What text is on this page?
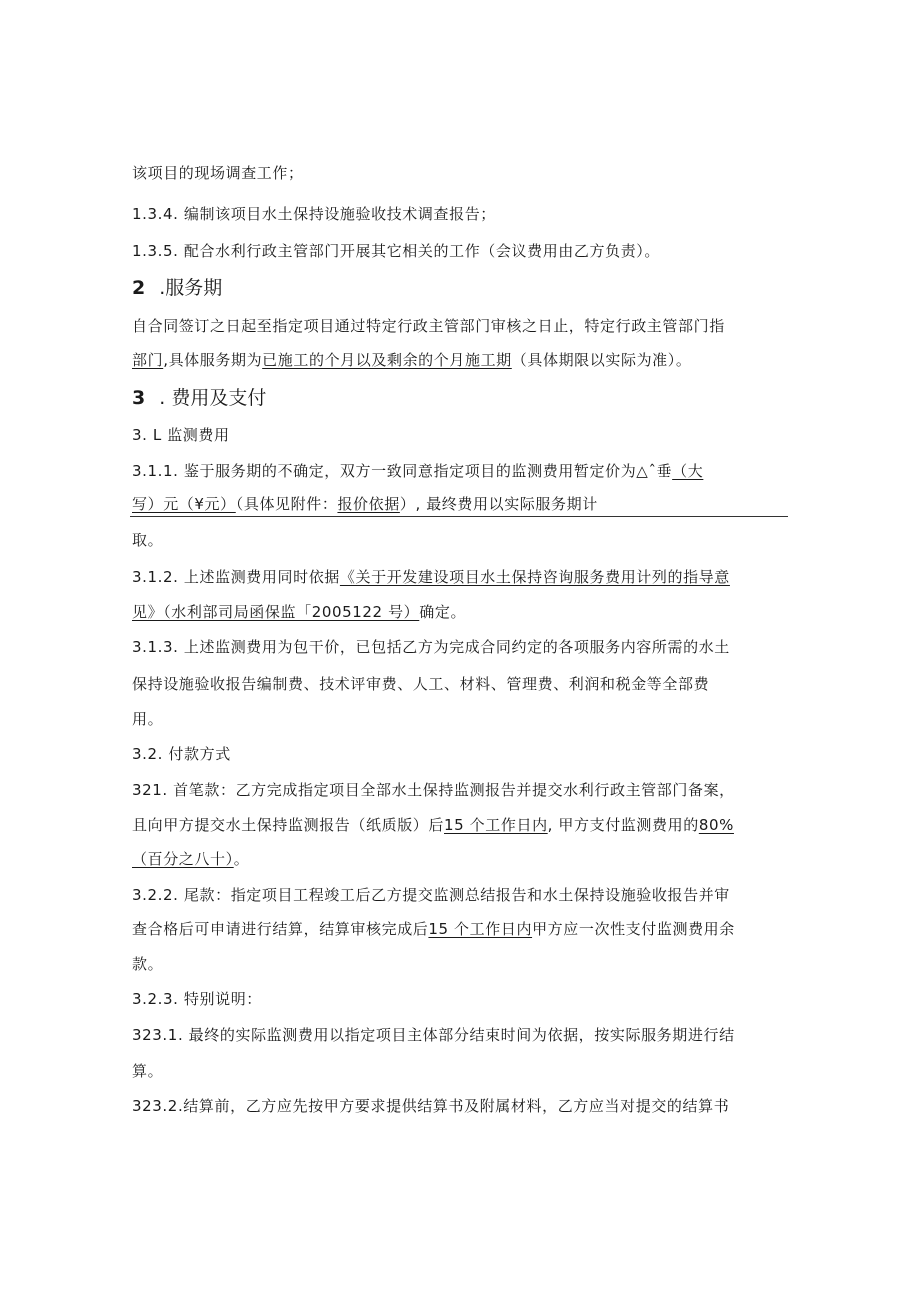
该项目的现场调查工作；
1.3.4. 编制该项目水土保持设施验收技术调查报告；
1.3.5. 配合水利行政主管部门开展其它相关的工作（会议费用由乙方负责）。
2 .服务期
自合同签订之日起至指定项目通过特定行政主管部门审核之日止，特定行政主管部门指
部门,具体服务期为已施工的个月以及剩余的个月施工期（具体期限以实际为准）。
3 . 费用及支付
3. L 监测费用
3.1.1. 鉴于服务期的不确定，双方一致同意指定项目的监测费用暂定价为△ˆ垂（大
写）元（¥元）（具体见附件：报价依据）, 最终费用以实际服务期计
取。
3.1.2. 上述监测费用同时依据《关于开发建设项目水土保持咨询服务费用计列的指导意
见》（水利部司局函保监「2005122 号）确定。
3.1.3. 上述监测费用为包干价，已包括乙方为完成合同约定的各项服务内容所需的水土
保持设施验收报告编制费、技术评审费、人工、材料、管理费、利润和税金等全部费
用。
3.2. 付款方式
321. 首笔款：乙方完成指定项目全部水土保持监测报告并提交水利行政主管部门备案，
且向甲方提交水土保持监测报告（纸质版）后15 个工作日内, 甲方支付监测费用的80%
（百分之八十）。
3.2.2. 尾款：指定项目工程竣工后乙方提交监测总结报告和水土保持设施验收报告并审
查合格后可申请进行结算，结算审核完成后15 个工作日内甲方应一次性支付监测费用余
款。
3.2.3. 特别说明：
323.1. 最终的实际监测费用以指定项目主体部分结束时间为依据，按实际服务期进行结
算。
323.2.结算前，乙方应先按甲方要求提供结算书及附属材料，乙方应当对提交的结算书
